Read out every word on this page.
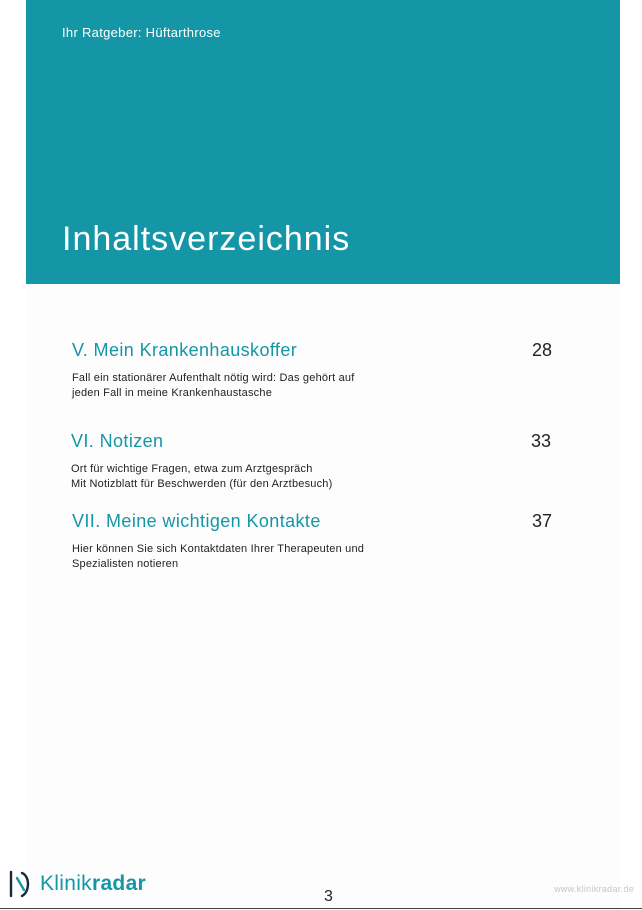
Ihr Ratgeber: Hüftarthrose
Inhaltsverzeichnis
V. Mein Krankenhauskoffer	28
Fall ein stationärer Aufenthalt nötig wird: Das gehört auf
jeden Fall in meine Krankenhaustasche
VI. Notizen	33
Ort für wichtige Fragen, etwa zum Arztgespräch
Mit Notizblatt für Beschwerden (für den Arztbesuch)
VII. Meine wichtigen Kontakte	37
Hier können Sie sich Kontaktdaten Ihrer Therapeuten und
Spezialisten notieren
Klinikradar
3	www.klinikradar.de
